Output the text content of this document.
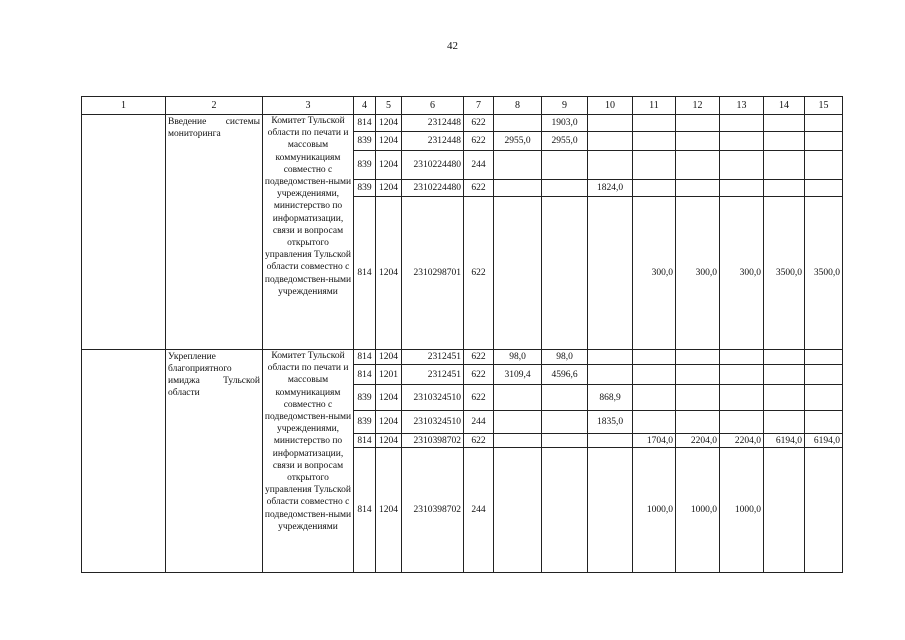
42
1	2	3	4	5	6	7	8	9	10	11	12	13	14	15
	Введение системы мониторинга	Комитет Тульской области по печати и массовым коммуникациям совместно с подведомствен-ными учреждениями, министерство по информатизации, связи и вопросам открытого управления Тульской области совместно с подведомствен-ными учреждениями	814	1204	2312448	622		1903,0						
			839	1204	2312448	622	2955,0	2955,0						
			839	1204	2310224480	244								
			839	1204	2310224480	622			1824,0					
			814	1204	2310298701	622				300,0	300,0	300,0	3500,0	3500,0
	Укрепление благоприятного имиджа Тульской области	Комитет Тульской области по печати и массовым коммуникациям совместно с подведомствен-ными учреждениями, министерство по информатизации, связи и вопросам открытого управления Тульской области совместно с подведомствен-ными учреждениями	814	1204	2312451	622	98,0	98,0						
			814	1201	2312451	622	3109,4	4596,6						
			839	1204	2310324510	622			868,9					
			839	1204	2310324510	244			1835,0					
			814	1204	2310398702	622				1704,0	2204,0	2204,0	6194,0	6194,0
			814	1204	2310398702	244				1000,0	1000,0	1000,0		
